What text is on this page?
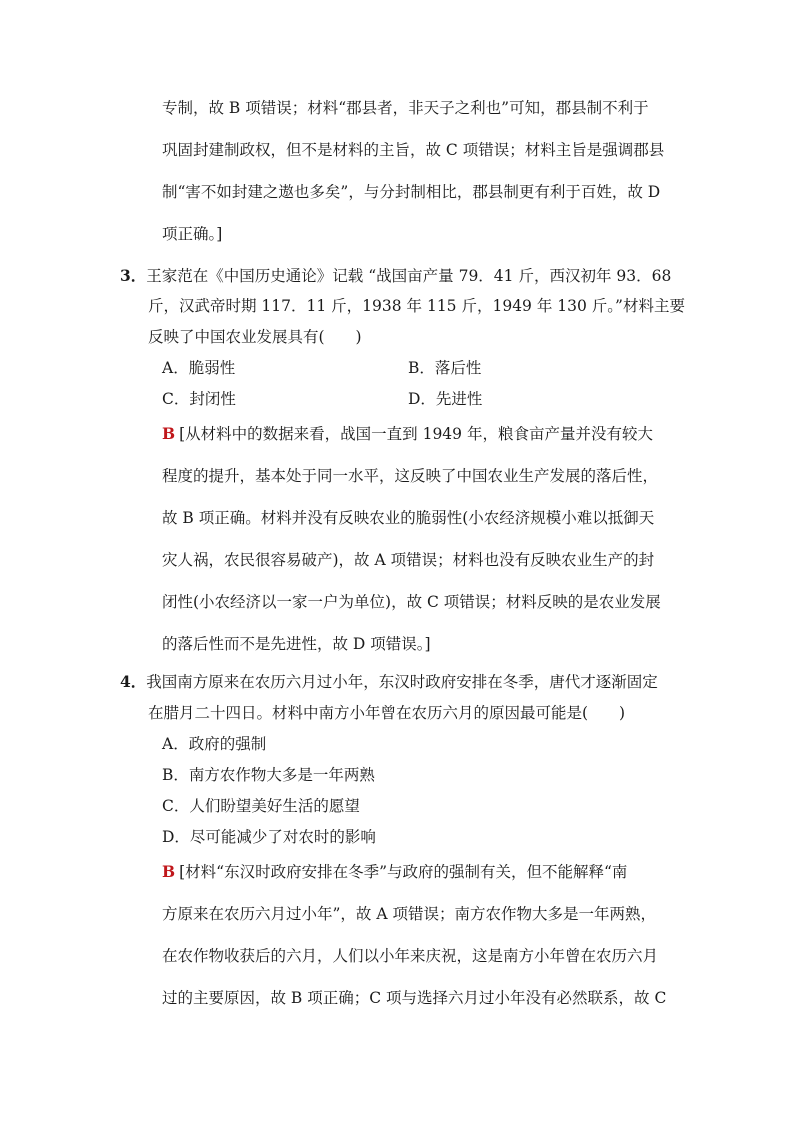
专制，故 B 项错误；材料“郡县者，非天子之利也”可知，郡县制不利于
巩固封建制政权，但不是材料的主旨，故 C 项错误；材料主旨是强调郡县
制“害不如封建之遨也多矣”，与分封制相比，郡县制更有利于百姓，故 D
项正确。]
3．王家范在《中国历史通论》记载 “战国亩产量 79．41 斤，西汉初年 93．68
斤，汉武帝时期 117．11 斤，1938 年 115 斤，1949 年 130 斤。”材料主要
反映了中国农业发展具有(　　)
A．脆弱性	B．落后性
C．封闭性	D．先进性
B [从材料中的数据来看，战国一直到 1949 年，粮食亩产量并没有较大
程度的提升，基本处于同一水平，这反映了中国农业生产发展的落后性，
故 B 项正确。材料并没有反映农业的脆弱性(小农经济规模小难以抵御天
灾人祸，农民很容易破产)，故 A 项错误；材料也没有反映农业生产的封
闭性(小农经济以一家一户为单位)，故 C 项错误；材料反映的是农业发展
的落后性而不是先进性，故 D 项错误。]
4．我国南方原来在农历六月过小年，东汉时政府安排在冬季，唐代才逐渐固定
在腊月二十四日。材料中南方小年曾在农历六月的原因最可能是(　　)
A．政府的强制
B．南方农作物大多是一年两熟
C．人们盼望美好生活的愿望
D．尽可能减少了对农时的影响
B [材料“东汉时政府安排在冬季”与政府的强制有关，但不能解释“南
方原来在农历六月过小年”，故 A 项错误；南方农作物大多是一年两熟，
在农作物收获后的六月，人们以小年来庆祝，这是南方小年曾在农历六月
过的主要原因，故 B 项正确；C 项与选择六月过小年没有必然联系，故 C
